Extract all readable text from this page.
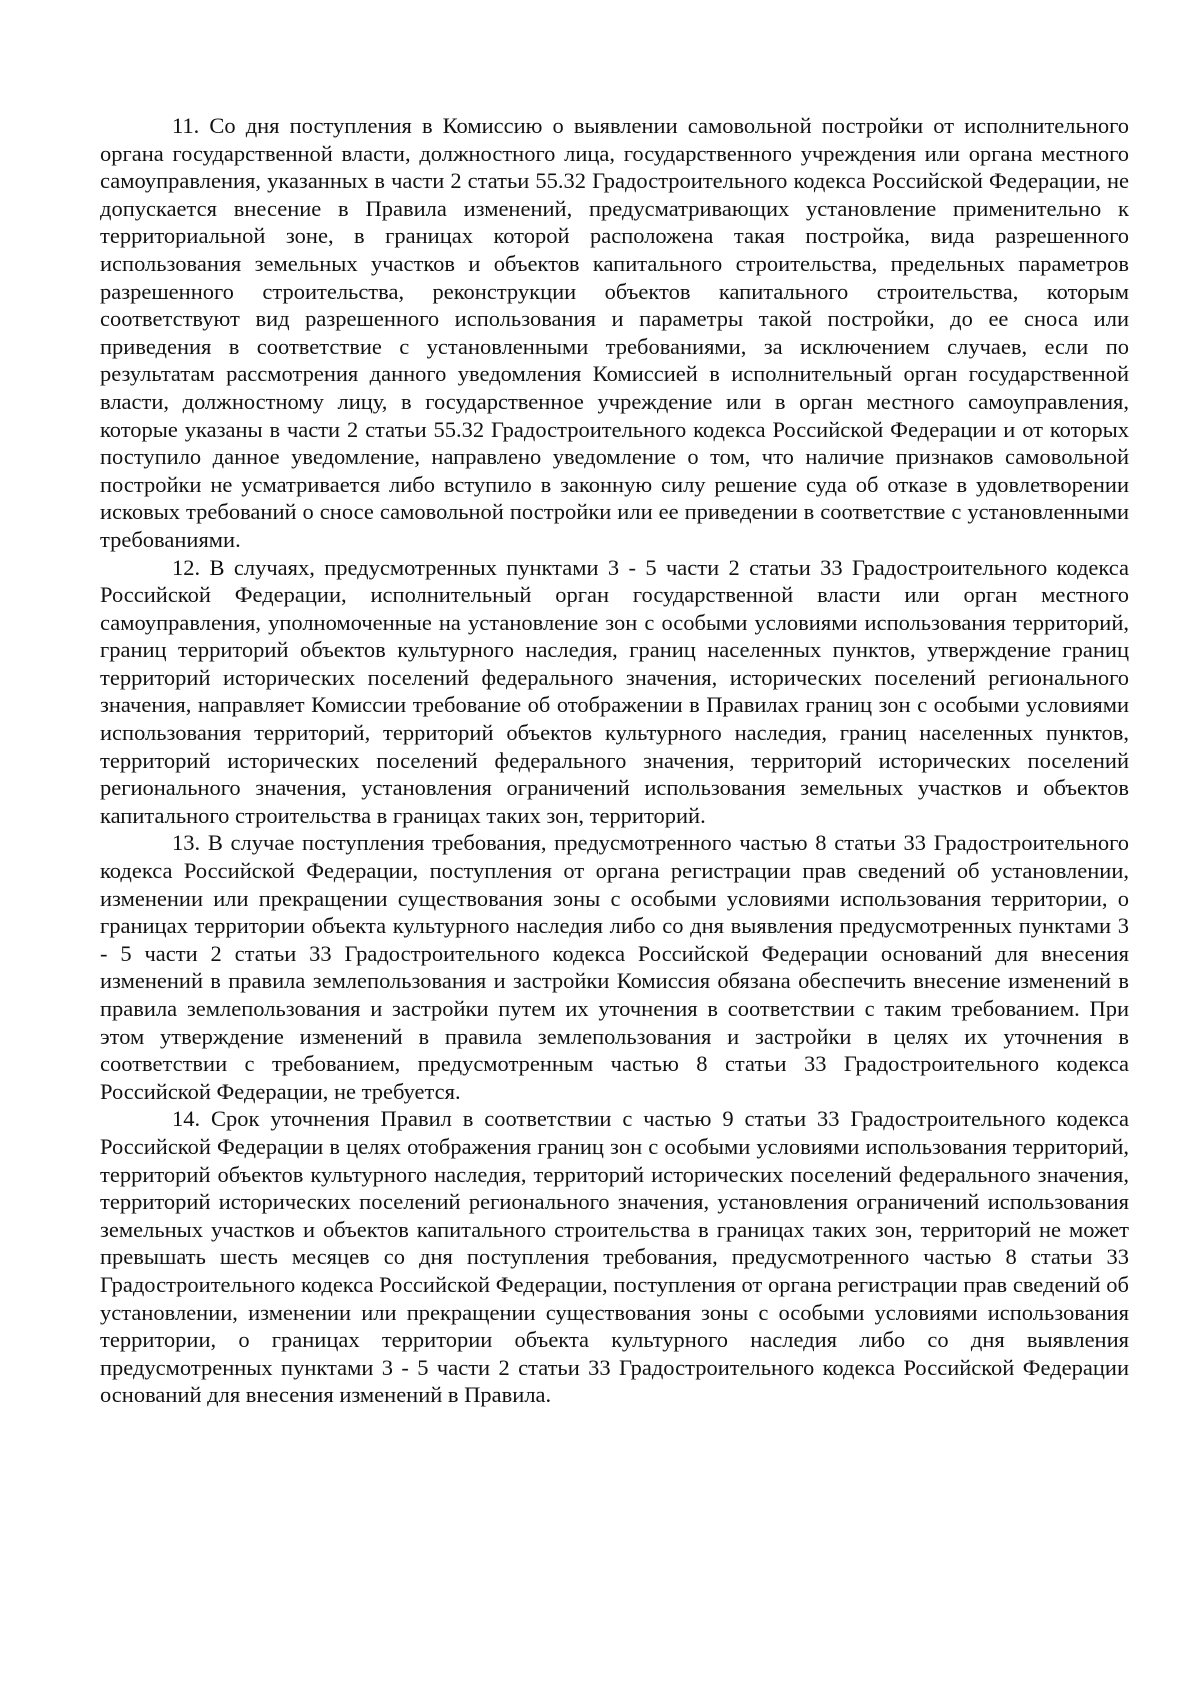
11. Со дня поступления в Комиссию о выявлении самовольной постройки от исполнительного органа государственной власти, должностного лица, государственного учреждения или органа местного самоуправления, указанных в части 2 статьи 55.32 Градостроительного кодекса Российской Федерации, не допускается внесение в Правила изменений, предусматривающих установление применительно к территориальной зоне, в границах которой расположена такая постройка, вида разрешенного использования земельных участков и объектов капитального строительства, предельных параметров разрешенного строительства, реконструкции объектов капитального строительства, которым соответствуют вид разрешенного использования и параметры такой постройки, до ее сноса или приведения в соответствие с установленными требованиями, за исключением случаев, если по результатам рассмотрения данного уведомления Комиссией в исполнительный орган государственной власти, должностному лицу, в государственное учреждение или в орган местного самоуправления, которые указаны в части 2 статьи 55.32 Градостроительного кодекса Российской Федерации и от которых поступило данное уведомление, направлено уведомление о том, что наличие признаков самовольной постройки не усматривается либо вступило в законную силу решение суда об отказе в удовлетворении исковых требований о сносе самовольной постройки или ее приведении в соответствие с установленными требованиями.

12. В случаях, предусмотренных пунктами 3 - 5 части 2 статьи 33 Градостроительного кодекса Российской Федерации, исполнительный орган государственной власти или орган местного самоуправления, уполномоченные на установление зон с особыми условиями использования территорий, границ территорий объектов культурного наследия, границ населенных пунктов, утверждение границ территорий исторических поселений федерального значения, исторических поселений регионального значения, направляет Комиссии требование об отображении в Правилах границ зон с особыми условиями использования территорий, территорий объектов культурного наследия, границ населенных пунктов, территорий исторических поселений федерального значения, территорий исторических поселений регионального значения, установления ограничений использования земельных участков и объектов капитального строительства в границах таких зон, территорий.

13. В случае поступления требования, предусмотренного частью 8 статьи 33 Градостроительного кодекса Российской Федерации, поступления от органа регистрации прав сведений об установлении, изменении или прекращении существования зоны с особыми условиями использования территории, о границах территории объекта культурного наследия либо со дня выявления предусмотренных пунктами 3 - 5 части 2 статьи 33 Градостроительного кодекса Российской Федерации оснований для внесения изменений в правила землепользования и застройки Комиссия обязана обеспечить внесение изменений в правила землепользования и застройки путем их уточнения в соответствии с таким требованием. При этом утверждение изменений в правила землепользования и застройки в целях их уточнения в соответствии с требованием, предусмотренным частью 8 статьи 33 Градостроительного кодекса Российской Федерации, не требуется.

14. Срок уточнения Правил в соответствии с частью 9 статьи 33 Градостроительного кодекса Российской Федерации в целях отображения границ зон с особыми условиями использования территорий, территорий объектов культурного наследия, территорий исторических поселений федерального значения, территорий исторических поселений регионального значения, установления ограничений использования земельных участков и объектов капитального строительства в границах таких зон, территорий не может превышать шесть месяцев со дня поступления требования, предусмотренного частью 8 статьи 33 Градостроительного кодекса Российской Федерации, поступления от органа регистрации прав сведений об установлении, изменении или прекращении существования зоны с особыми условиями использования территории, о границах территории объекта культурного наследия либо со дня выявления предусмотренных пунктами 3 - 5 части 2 статьи 33 Градостроительного кодекса Российской Федерации оснований для внесения изменений в Правила.
